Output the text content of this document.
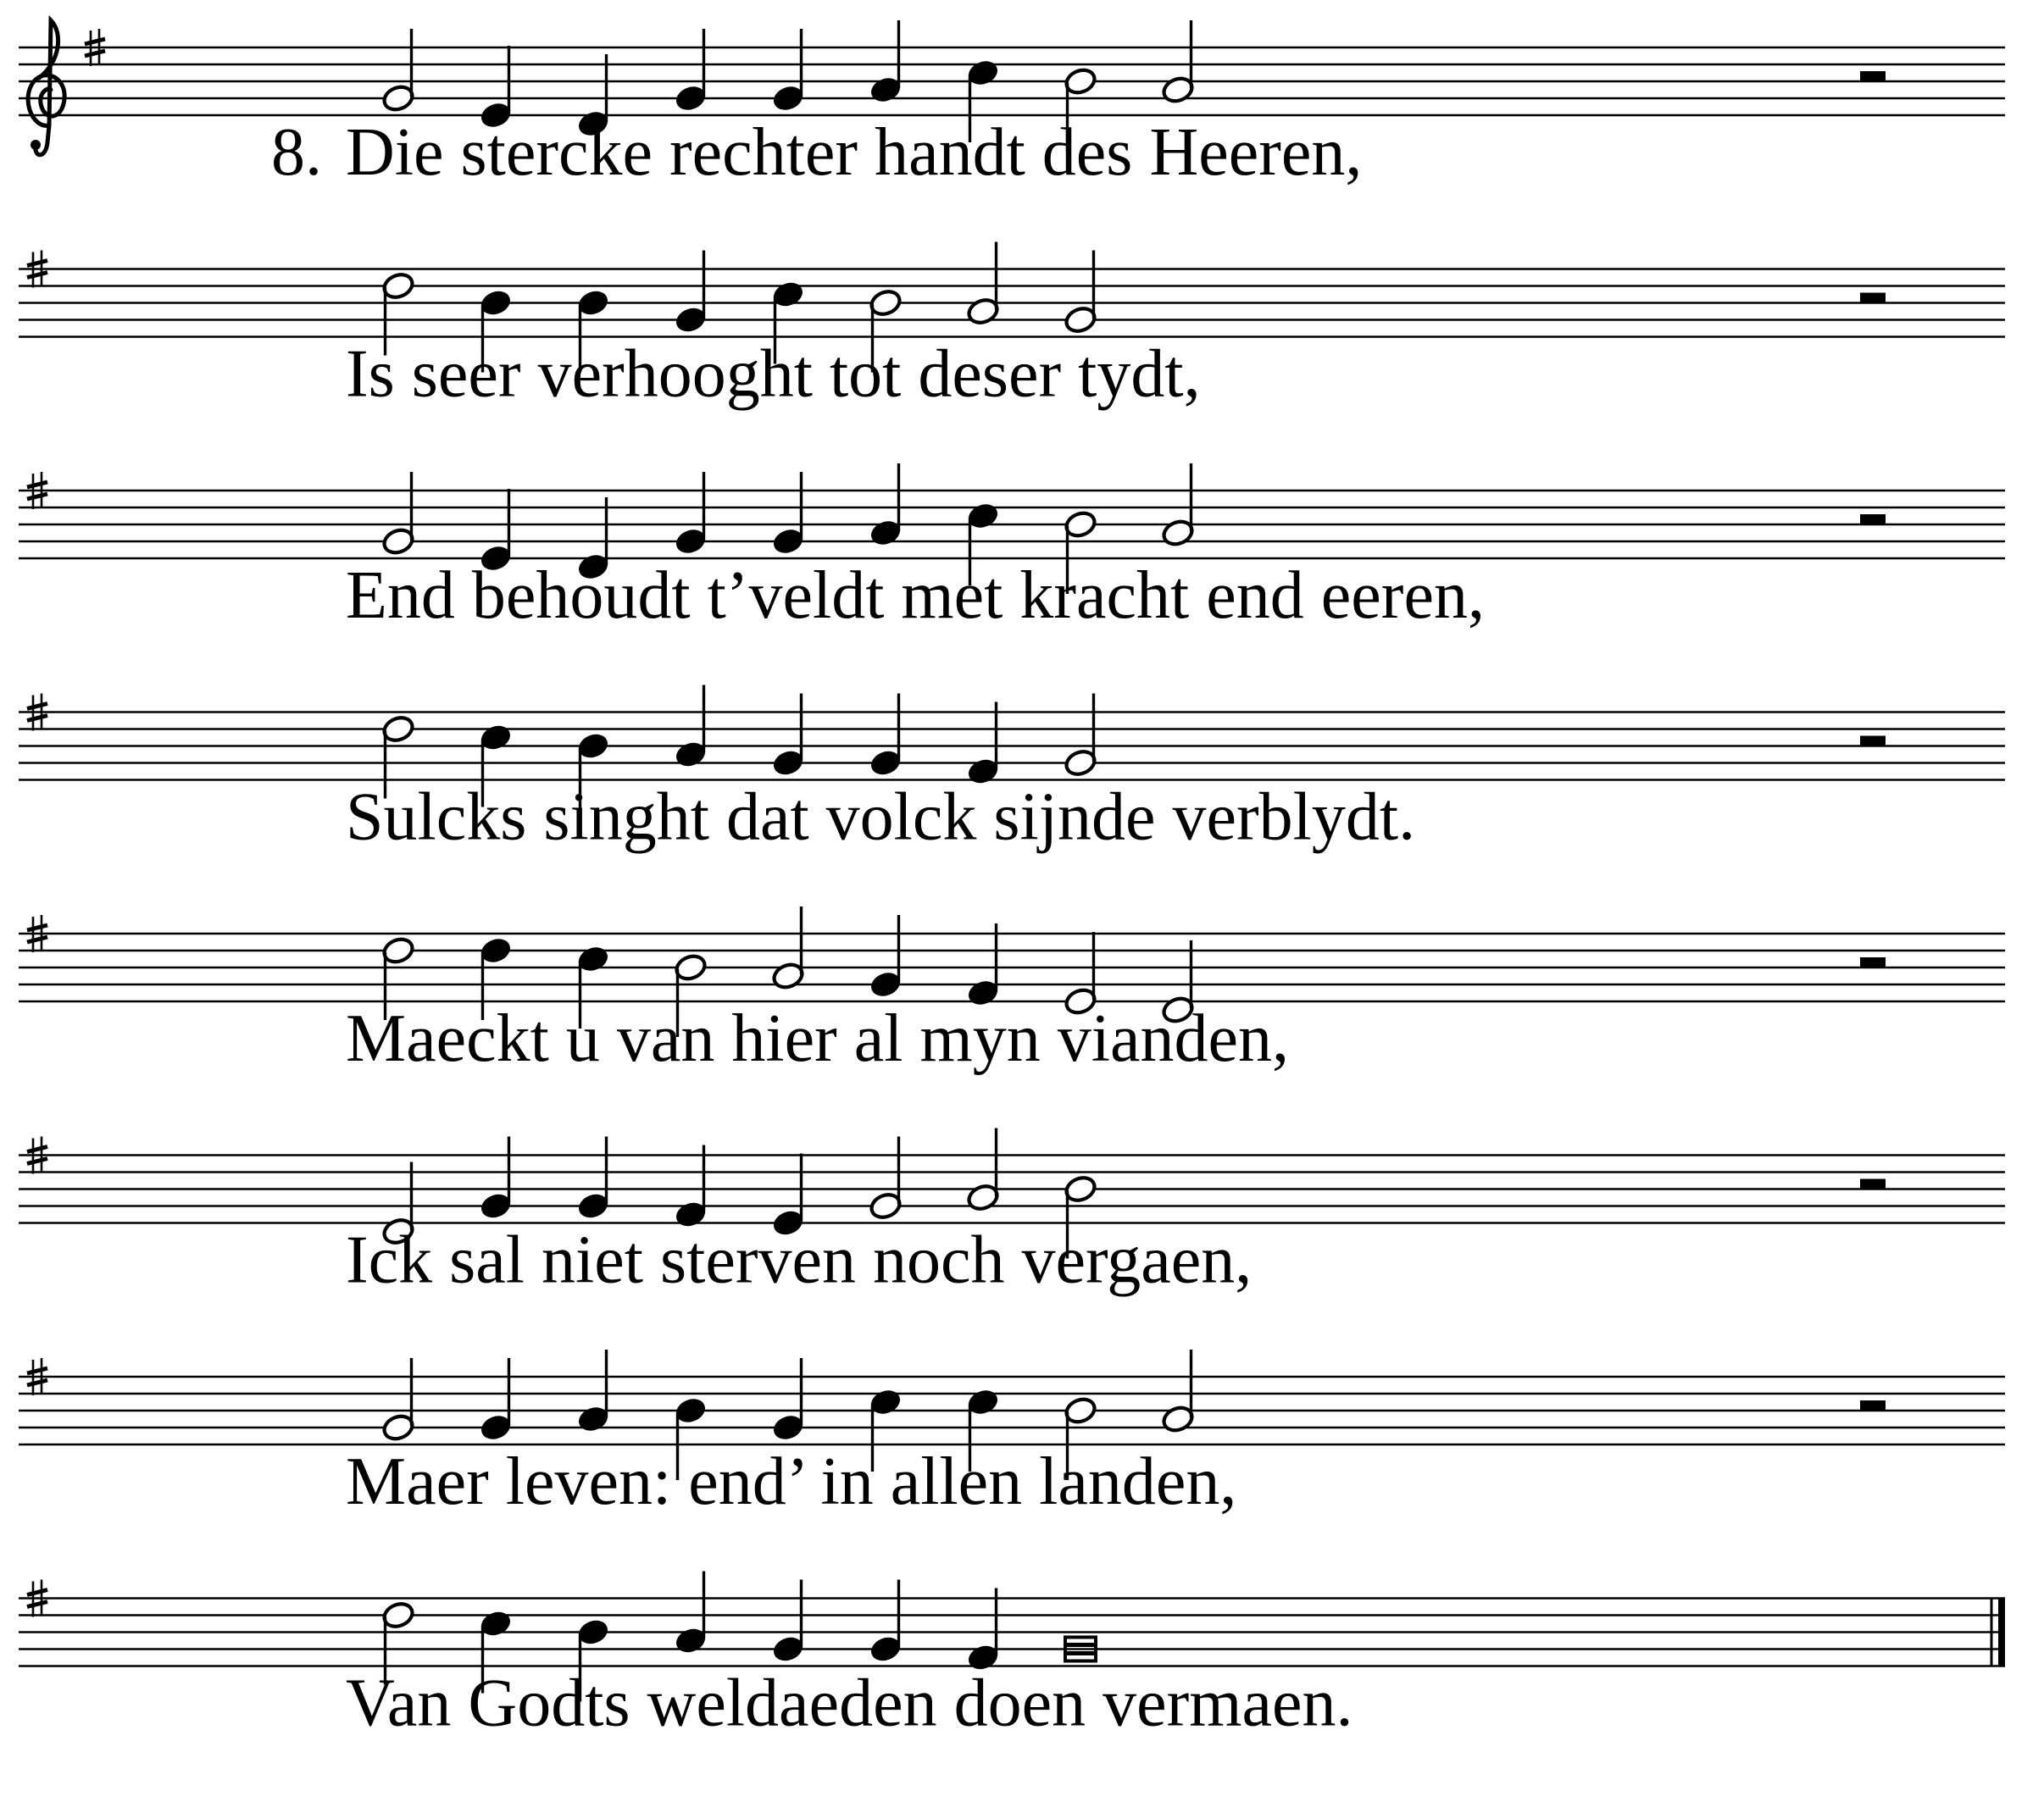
8. Die stercke rechter handt des Heeren,
Is seer verhooght tot deser tydt,
End behoudt t’veldt met kracht end eeren,
Sulcks singht dat volck sijnde verblydt.
Maeckt u van hier al myn vianden,
Ick sal niet sterven noch vergaen,
Maer leven: end’ in allen landen,
Van Godts weldaeden doen vermaen.
